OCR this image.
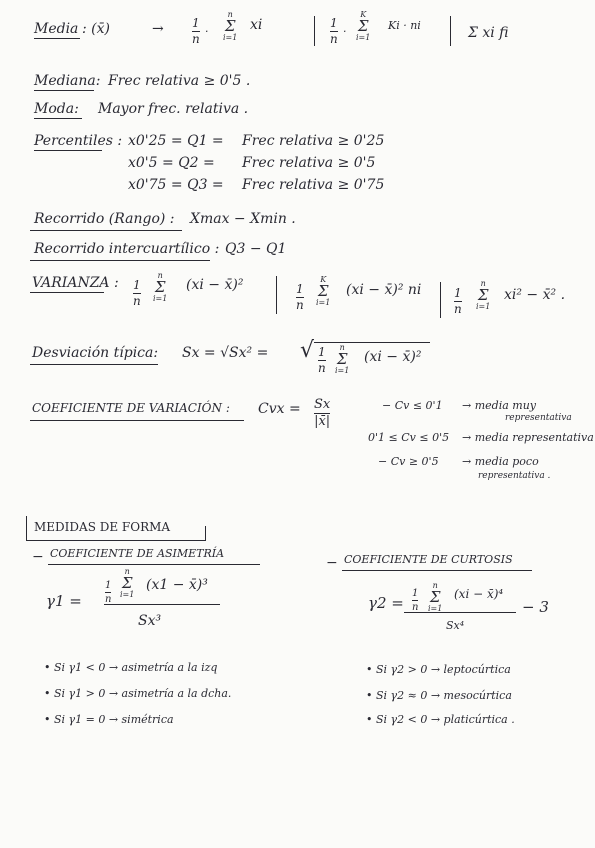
Media : (x̄)	→ 1
n
·
n
Σ
i=1
xi	1
n
·
K
Σ
i=1
Ki · ni	Σ xi fi
Mediana: Frec relativa ≥ 0'5 .
Moda: Mayor frec. relativa .
Percentiles : x0'25 = Q1 = Frec relativa ≥ 0'25
x0'5 = Q2 = Frec relativa ≥ 0'5
x0'75 = Q3 = Frec relativa ≥ 0'75
Recorrido (Rango) : Xmax − Xmin .
Recorrido intercuartílico : Q3 − Q1
VARIANZA : 1
n
n
Σ
i=1
(xi − x̄)²	1
n
K
Σ
i=1
(xi − x̄)² ni	1
n
n
Σ
i=1
xi² − x̄² .
Desviación típica: Sx = √Sx² = √ 1
n
n
Σ
i=1
(xi − x̄)²
COEFICIENTE DE VARIACIÓN : Cvx = Sx
|x̄|
− Cv ≤ 0'1 → media muy
representativa
0'1 ≤ Cv ≤ 0'5 → media representativa
− Cv ≥ 0'5 → media poco
representativa .
MEDIDAS DE FORMA
− COEFICIENTE DE ASIMETRÍA
γ1 =
1
n
n
Σ
i=1
(x1 − x̄)³
Sx³
• Si γ1 < 0 → asimetría a la izq
• Si γ1 > 0 → asimetría a la dcha.
• Si γ1 = 0 → simétrica
− COEFICIENTE DE CURTOSIS
γ2 =
1
n
n
Σ
i=1
(xi − x̄)⁴
Sx⁴
− 3
• Si γ2 > 0 → leptocúrtica
• Si γ2 ≈ 0 → mesocúrtica
• Si γ2 < 0 → platicúrtica .
